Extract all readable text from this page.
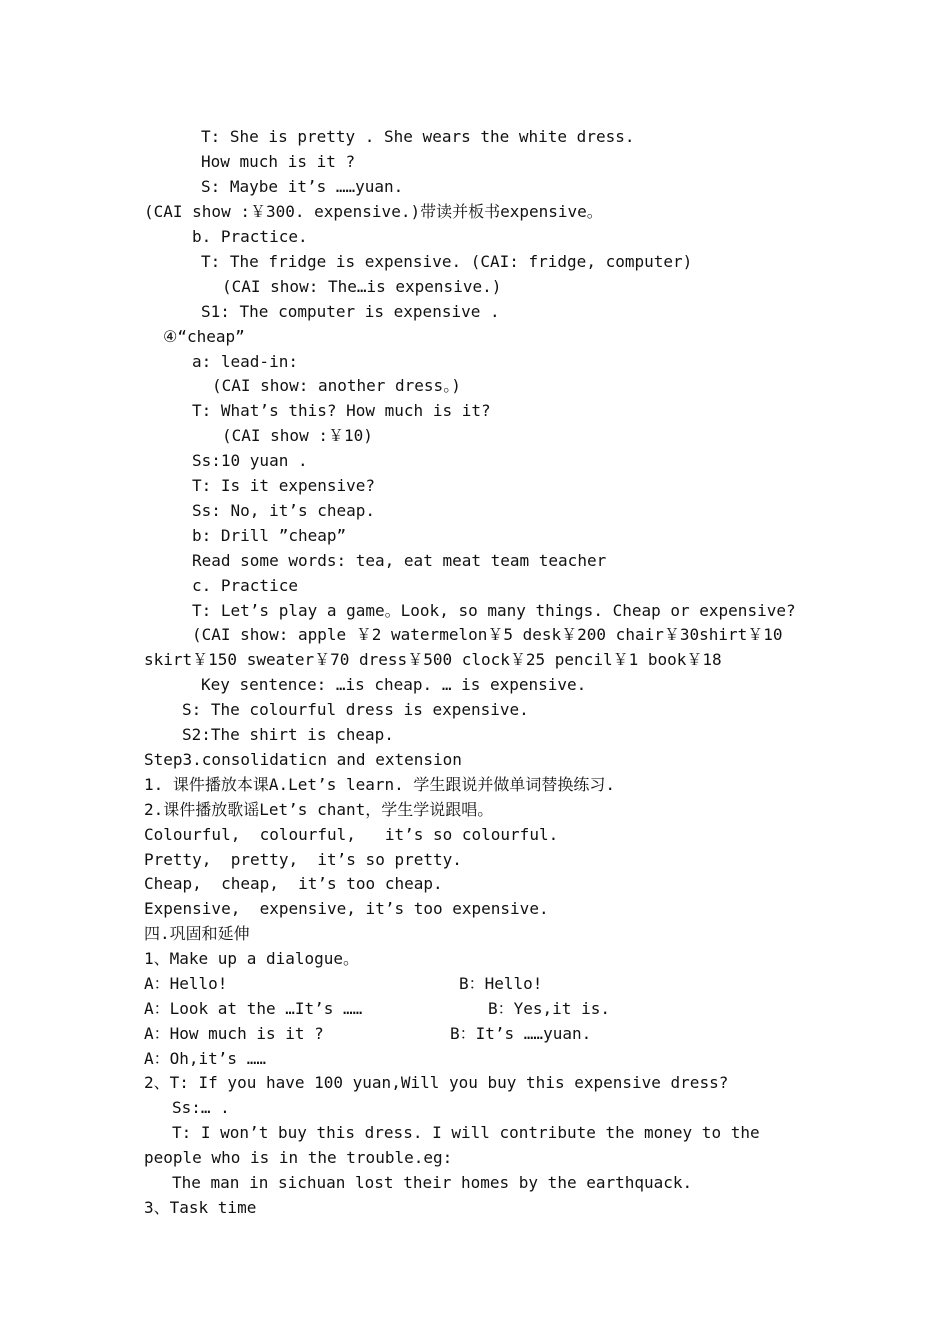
T: She is pretty . She wears the white dress.
How much is it ?
S: Maybe it’s ……yuan.
(CAI show :￥300. expensive.)带读并板书expensive。
b. Practice.
T: The fridge is expensive. (CAI: fridge, computer)
(CAI show: The…is expensive.)
S1: The computer is expensive .
④“cheap”
a: lead-in:
(CAI show: another dress。)
T: What’s this? How much is it?
(CAI show :￥10)
Ss:10 yuan .
T: Is it expensive?
Ss: No, it’s cheap.
b: Drill ”cheap”
Read some words: tea, eat meat team teacher
c. Practice
T: Let’s play a game。Look, so many things. Cheap or expensive?
(CAI show: apple ￥2 watermelon￥5 desk￥200 chair￥30shirt￥10
skirt￥150 sweater￥70 dress￥500 clock￥25 pencil￥1 book￥18
Key sentence: …is cheap. … is expensive.
S: The colourful dress is expensive.
S2:The shirt is cheap.
Step3.consolidaticn and extension
1. 课件播放本课A.Let’s learn. 学生跟说并做单词替换练习.
2.课件播放歌谣Let’s chant，学生学说跟唱。
Colourful,  colourful,   it’s so colourful.
Pretty,  pretty,  it’s so pretty.
Cheap,  cheap,  it’s too cheap.
Expensive,  expensive, it’s too expensive.
四.巩固和延伸
1、Make up a dialogue。
A：Hello!	B：Hello!
A：Look at the …It’s ……	B：Yes,it is.
A：How much is it ?	B：It’s ……yuan.
A：Oh,it’s ……
2、T: If you have 100 yuan,Will you buy this expensive dress?
Ss:… .
T: I won’t buy this dress. I will contribute the money to the
people who is in the trouble.eg:
The man in sichuan lost their homes by the earthquack.
3、Task time
